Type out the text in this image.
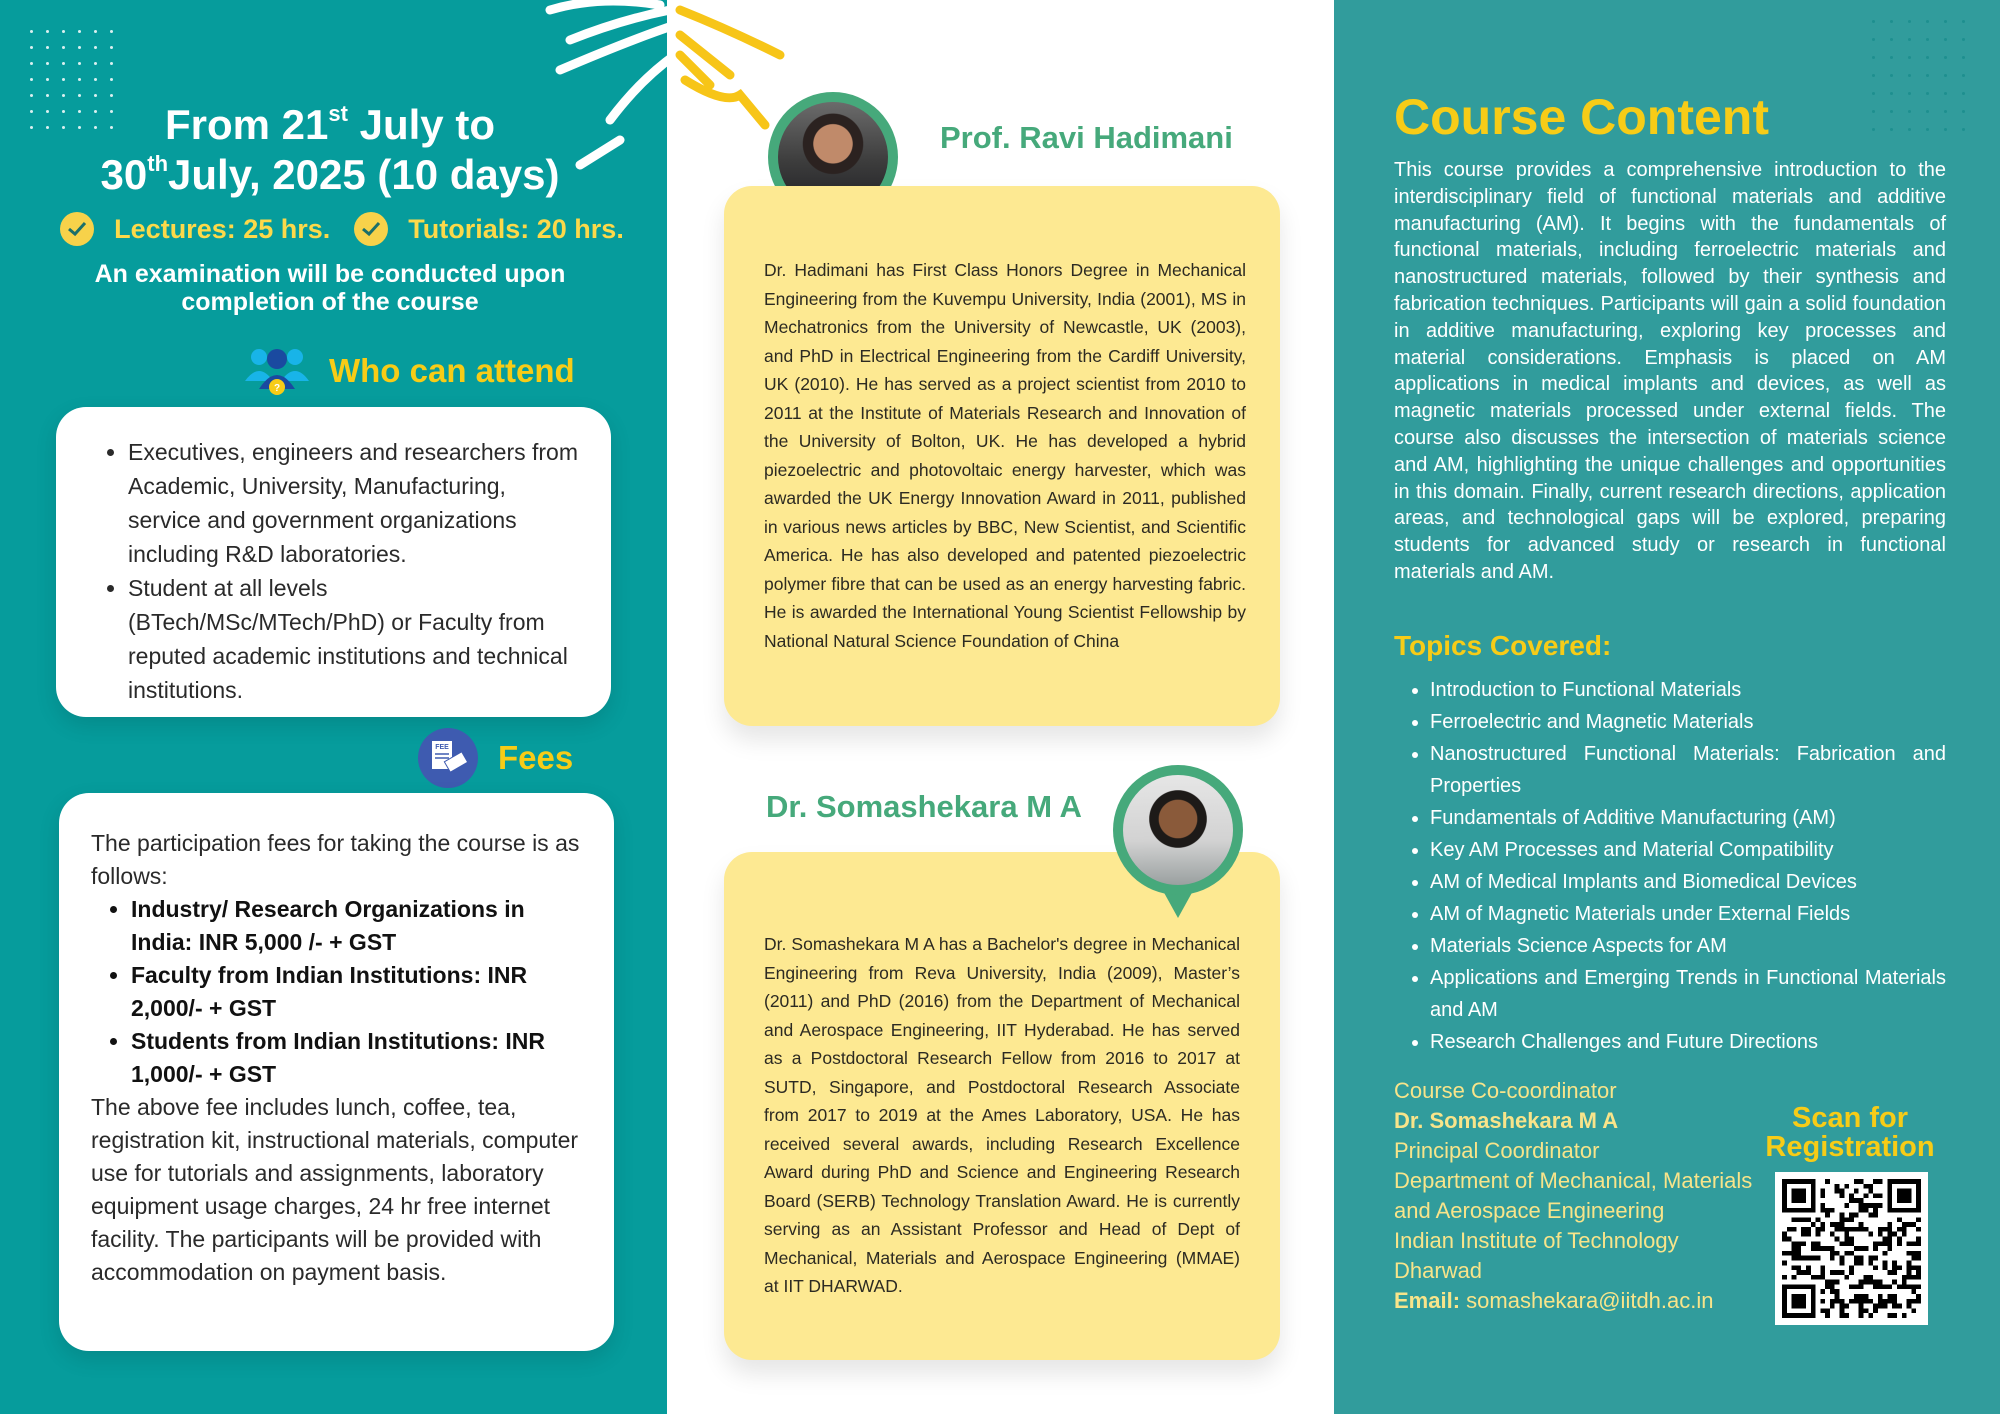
From 21st July to
30thJuly, 2025 (10 days)
Lectures: 25 hrs.	Tutorials: 20 hrs.
An examination will be conducted upon completion of the course
? Who can attend
• Executives, engineers and researchers from Academic, University, Manufacturing, service and government organizations including R&D laboratories.
• Student at all levels (BTech/MSc/MTech/PhD) or Faculty from reputed academic institutions and technical institutions.
FEE Fees

The participation fees for taking the course is as follows:

• Industry/ Research Organizations in India: INR 5,000 /- + GST
• Faculty from Indian Institutions: INR 2,000/- + GST
• Students from Indian Institutions: INR 1,000/- + GST

The above fee includes lunch, coffee, tea, registration kit, instructional materials, computer use for tutorials and assignments, laboratory equipment usage charges, 24 hr free internet facility. The participants will be provided with accommodation on payment basis.

Prof. Ravi Hadimani

Dr. Hadimani has First Class Honors Degree in Mechanical Engineering from the Kuvempu University, India (2001), MS in Mechatronics from the University of Newcastle, UK (2003), and PhD in Electrical Engineering from the Cardiff University, UK (2010). He has served as a project scientist from 2010 to 2011 at the Institute of Materials Research and Innovation of the University of Bolton, UK. He has developed a hybrid piezoelectric and photovoltaic energy harvester, which was awarded the UK Energy Innovation Award in 2011, published in various news articles by BBC, New Scientist, and Scientific America. He has also developed and patented piezoelectric polymer fibre that can be used as an energy harvesting fabric. He is awarded the International Young Scientist Fellowship by National Natural Science Foundation of China

Dr. Somashekara M A

Dr. Somashekara M A has a Bachelor's degree in Mechanical Engineering from Reva University, India (2009), Master’s (2011) and PhD (2016) from the Department of Mechanical and Aerospace Engineering, IIT Hyderabad. He has served as a Postdoctoral Research Fellow from 2016 to 2017 at SUTD, Singapore, and Postdoctoral Research Associate from 2017 to 2019 at the Ames Laboratory, USA. He has received several awards, including Research Excellence Award during PhD and Science and Engineering Research Board (SERB) Technology Translation Award. He is currently serving as an Assistant Professor and Head of Dept of Mechanical, Materials and Aerospace Engineering (MMAE) at IIT DHARWAD.

Course Content

This course provides a comprehensive introduction to the interdisciplinary field of functional materials and additive manufacturing (AM). It begins with the fundamentals of functional materials, including ferroelectric materials and nanostructured materials, followed by their synthesis and fabrication techniques. Participants will gain a solid foundation in additive manufacturing, exploring key processes and material considerations. Emphasis is placed on AM applications in medical implants and devices, as well as magnetic materials processed under external fields. The course also discusses the intersection of materials science and AM, highlighting the unique challenges and opportunities in this domain. Finally, current research directions, application areas, and technological gaps will be explored, preparing students for advanced study or research in functional materials and AM.

Topics Covered:
• Introduction to Functional Materials
• Ferroelectric and Magnetic Materials
• Nanostructured Functional Materials: Fabrication and Properties
• Fundamentals of Additive Manufacturing (AM)
• Key AM Processes and Material Compatibility
• AM of Medical Implants and Biomedical Devices
• AM of Magnetic Materials under External Fields
• Materials Science Aspects for AM
• Applications and Emerging Trends in Functional Materials and AM
• Research Challenges and Future Directions
Course Co-coordinator
Dr. Somashekara M A
Principal Coordinator
Department of Mechanical, Materials and Aerospace Engineering
Indian Institute of Technology Dharwad
Email: somashekara@iitdh.ac.in
Scan for Registration
